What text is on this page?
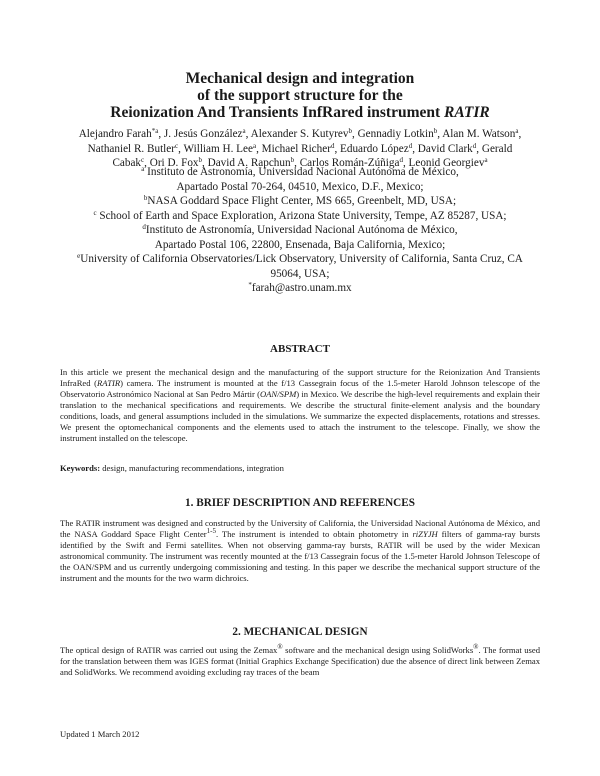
Mechanical design and integration
of the support structure for the
Reionization And Transients InfRared instrument RATIR
Alejandro Farah$^{*a}$, J. Jesús González$^a$, Alexander S. Kutyrev$^b$, Gennadiy Lotkin$^b$, Alan M. Watson$^a$,
Nathaniel R. Butler$^c$, William H. Lee$^a$, Michael Richer$^d$, Eduardo López$^d$, David Clark$^d$, Gerald
Cabak$^c$, Ori D. Fox$^b$, David A. Rapchun$^b$, Carlos Román-Zúñiga$^d$, Leonid Georgiev$^a$
$^a$ Instituto de Astronomía, Universidad Nacional Autónoma de México,
Apartado Postal 70-264, 04510, Mexico, D.F., Mexico;
$^b$NASA Goddard Space Flight Center, MS 665, Greenbelt, MD, USA;
$^c$ School of Earth and Space Exploration, Arizona State University, Tempe, AZ 85287, USA;
$^d$Instituto de Astronomía, Universidad Nacional Autónoma de México,
Apartado Postal 106, 22800, Ensenada, Baja California, Mexico;
$^e$University of California Observatories/Lick Observatory, University of California, Santa Cruz, CA
95064, USA;
*farah@astro.unam.mx
ABSTRACT
In this article we present the mechanical design and the manufacturing of the support structure for the Reionization And Transients InfraRed (RATIR) camera. The instrument is mounted at the f/13 Cassegrain focus of the 1.5-meter Harold Johnson telescope of the Observatorio Astronómico Nacional at San Pedro Mártir (OAN/SPM) in Mexico. We describe the high-level requirements and explain their translation to the mechanical specifications and requirements. We describe the structural finite-element analysis and the boundary conditions, loads, and general assumptions included in the simulations. We summarize the expected displacements, rotations and stresses. We present the optomechanical components and the elements used to attach the instrument to the telescope. Finally, we show the instrument installed on the telescope.
Keywords: design, manufacturing recommendations, integration
1. BRIEF DESCRIPTION AND REFERENCES
The RATIR instrument was designed and constructed by the University of California, the Universidad Nacional Autónoma de México, and the NASA Goddard Space Flight Center$^{1-5}$. The instrument is intended to obtain photometry in riZYJH filters of gamma-ray bursts identified by the Swift and Fermi satellites. When not observing gamma-ray bursts, RATIR will be used by the wider Mexican astronomical community. The instrument was recently mounted at the f/13 Cassegrain focus of the 1.5-meter Harold Johnson Telescope of the OAN/SPM and us currently undergoing commissioning and testing. In this paper we describe the mechanical support structure of the instrument and the mounts for the two warm dichroics.
2. MECHANICAL DESIGN
The optical design of RATIR was carried out using the Zemax® software and the mechanical design using SolidWorks®. The format used for the translation between them was IGES format (Initial Graphics Exchange Specification) due the absence of direct link between Zemax and SolidWorks. We recommend avoiding excluding ray traces of the beam
Updated 1 March 2012
